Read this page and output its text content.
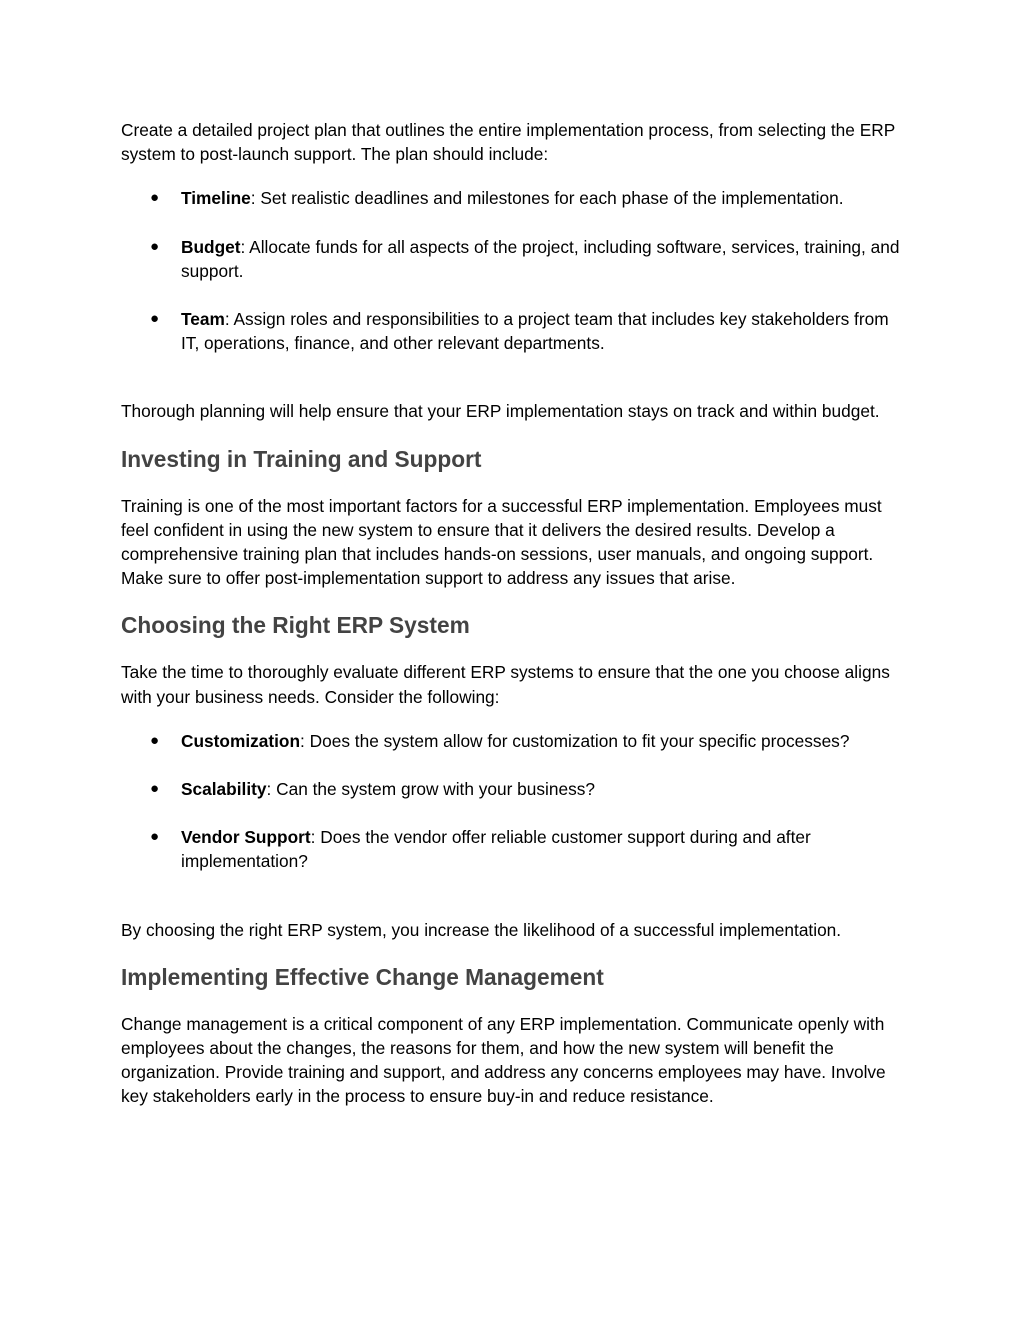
Create a detailed project plan that outlines the entire implementation process, from selecting the ERP system to post-launch support. The plan should include:

● Timeline: Set realistic deadlines and milestones for each phase of the implementation.
● Budget: Allocate funds for all aspects of the project, including software, services, training, and support.
● Team: Assign roles and responsibilities to a project team that includes key stakeholders from IT, operations, finance, and other relevant departments.

Thorough planning will help ensure that your ERP implementation stays on track and within budget.

Investing in Training and Support

Training is one of the most important factors for a successful ERP implementation. Employees must feel confident in using the new system to ensure that it delivers the desired results. Develop a comprehensive training plan that includes hands-on sessions, user manuals, and ongoing support. Make sure to offer post-implementation support to address any issues that arise.

Choosing the Right ERP System

Take the time to thoroughly evaluate different ERP systems to ensure that the one you choose aligns with your business needs. Consider the following:

● Customization: Does the system allow for customization to fit your specific processes?
● Scalability: Can the system grow with your business?
● Vendor Support: Does the vendor offer reliable customer support during and after implementation?

By choosing the right ERP system, you increase the likelihood of a successful implementation.

Implementing Effective Change Management

Change management is a critical component of any ERP implementation. Communicate openly with employees about the changes, the reasons for them, and how the new system will benefit the organization. Provide training and support, and address any concerns employees may have. Involve key stakeholders early in the process to ensure buy-in and reduce resistance.
